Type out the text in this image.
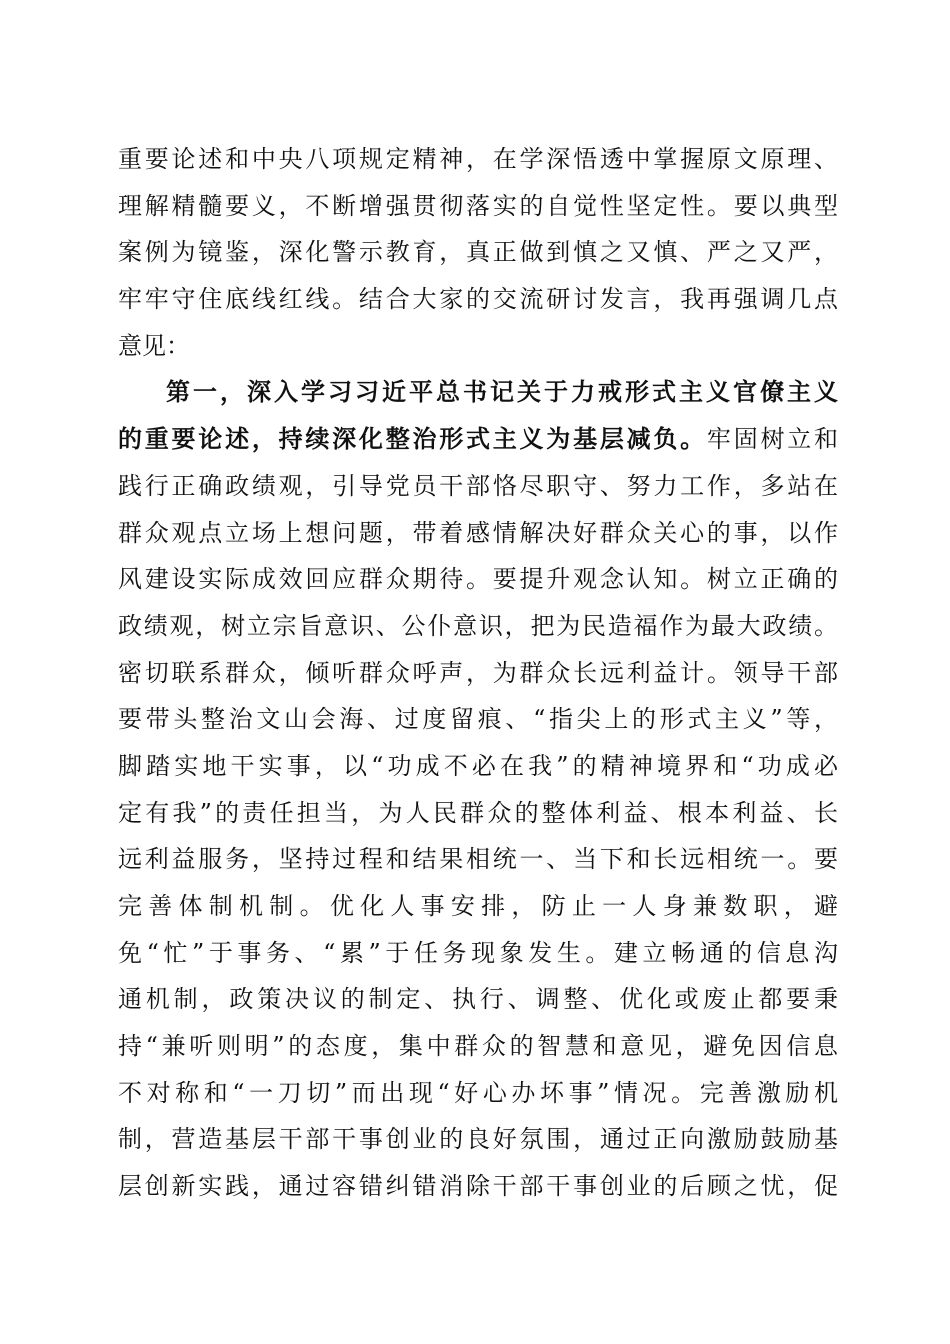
重要论述和中央八项规定精神，在学深悟透中掌握原文原理、
理解精髓要义，不断增强贯彻落实的自觉性坚定性。要以典型
案例为镜鉴，深化警示教育，真正做到慎之又慎、严之又严，
牢牢守住底线红线。结合大家的交流研讨发言，我再强调几点
意见：
第一，深入学习习近平总书记关于力戒形式主义官僚主义
的重要论述，持续深化整治形式主义为基层减负。牢固树立和
践行正确政绩观，引导党员干部恪尽职守、努力工作，多站在
群众观点立场上想问题，带着感情解决好群众关心的事，以作
风建设实际成效回应群众期待。要提升观念认知。树立正确的
政绩观，树立宗旨意识、公仆意识，把为民造福作为最大政绩。
密切联系群众，倾听群众呼声，为群众长远利益计。领导干部
要带头整治文山会海、过度留痕、“指尖上的形式主义”等，
脚踏实地干实事，以“功成不必在我”的精神境界和“功成必
定有我”的责任担当，为人民群众的整体利益、根本利益、长
远利益服务，坚持过程和结果相统一、当下和长远相统一。要
完善体制机制。优化人事安排，防止一人身兼数职，避
免“忙”于事务、“累”于任务现象发生。建立畅通的信息沟
通机制，政策决议的制定、执行、调整、优化或废止都要秉
持“兼听则明”的态度，集中群众的智慧和意见，避免因信息
不对称和“一刀切”而出现“好心办坏事”情况。完善激励机
制，营造基层干部干事创业的良好氛围，通过正向激励鼓励基
层创新实践，通过容错纠错消除干部干事创业的后顾之忧，促
